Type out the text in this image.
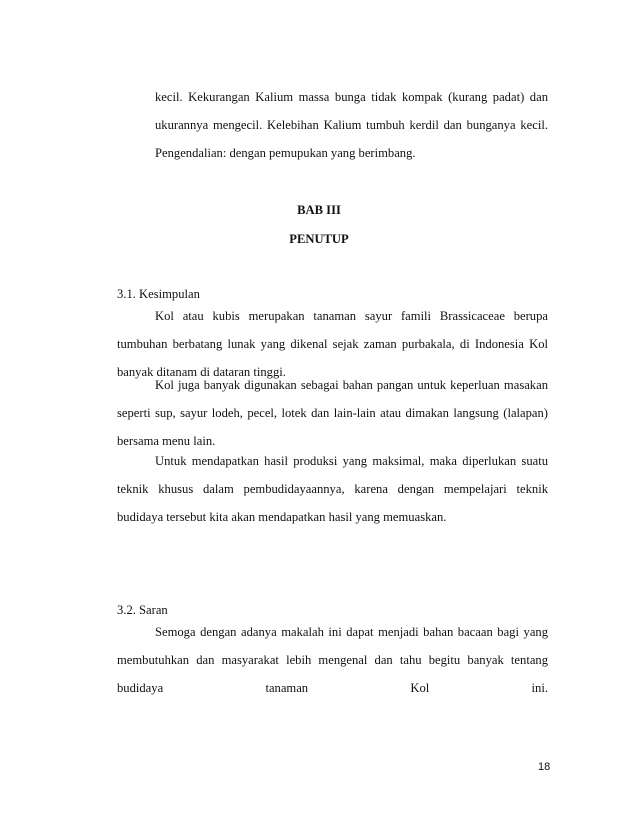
kecil. Kekurangan Kalium massa bunga tidak kompak (kurang padat) dan ukurannya mengecil. Kelebihan Kalium tumbuh kerdil dan bunganya kecil. Pengendalian: dengan pemupukan yang berimbang.

BAB III

PENUTUP

3.1. Kesimpulan

Kol atau kubis merupakan tanaman sayur famili Brassicaceae berupa tumbuhan berbatang lunak yang dikenal sejak zaman purbakala, di Indonesia Kol banyak ditanam di dataran tinggi.

Kol juga banyak digunakan sebagai bahan pangan untuk keperluan masakan seperti sup, sayur lodeh, pecel, lotek dan lain-lain atau dimakan langsung (lalapan) bersama menu lain.

Untuk mendapatkan hasil produksi yang maksimal, maka diperlukan suatu teknik khusus dalam pembudidayaannya, karena dengan mempelajari teknik budidaya tersebut kita akan mendapatkan hasil yang memuaskan.

3.2. Saran

Semoga dengan adanya makalah ini dapat menjadi bahan bacaan bagi yang membutuhkan dan masyarakat lebih mengenal dan tahu begitu banyak tentang budidaya tanaman Kol ini.

18
